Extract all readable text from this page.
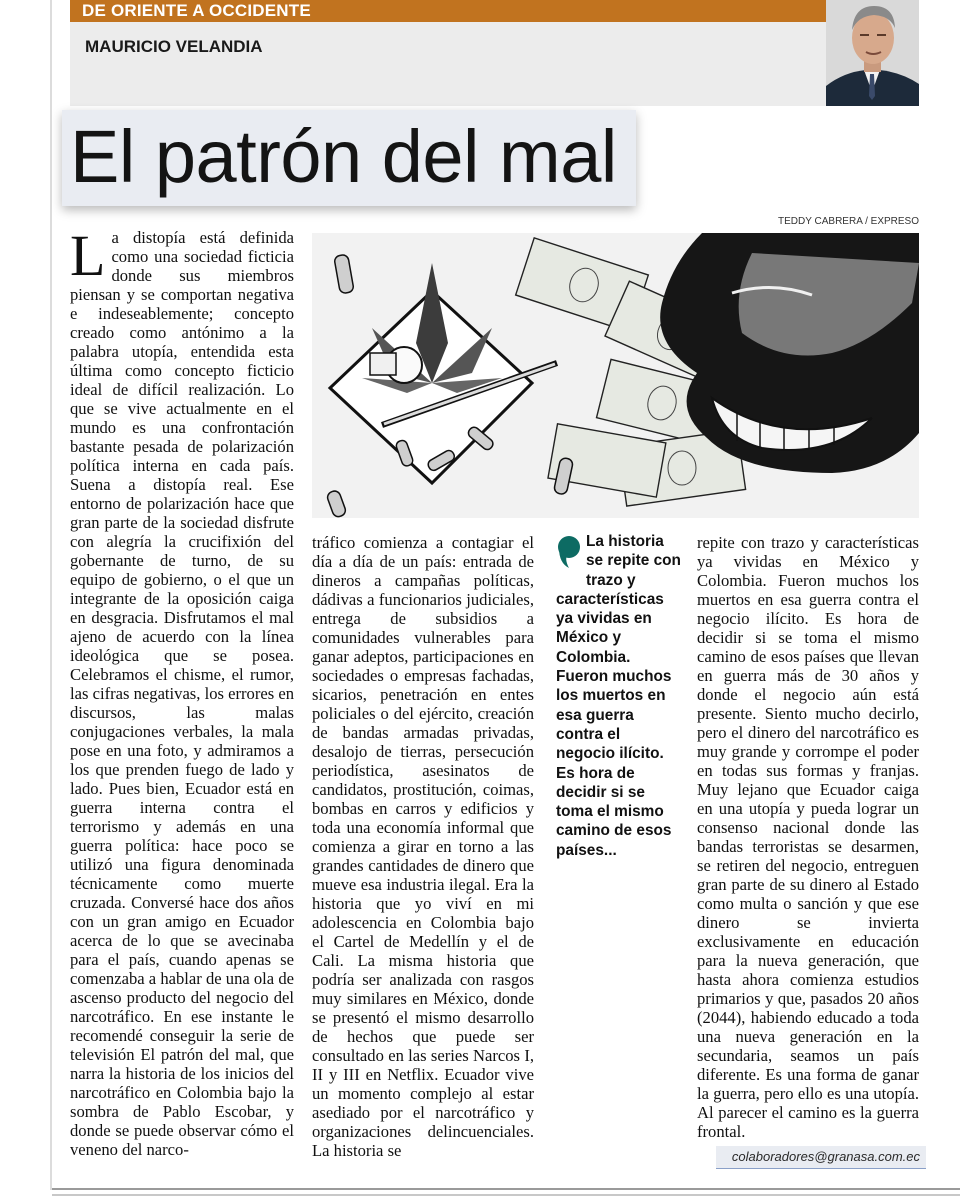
DE ORIENTE A OCCIDENTE
MAURICIO VELANDIA
El patrón del mal
TEDDY CABRERA / EXPRESO
L a distopía está definida como una sociedad ficticia donde sus miembros piensan y se comportan negativa e indeseablemente; concepto creado como antónimo a la palabra utopía, entendida esta última como concepto ficticio ideal de difícil realización. Lo que se vive actualmente en el mundo es una confrontación bastante pesada de polarización política interna en cada país. Suena a distopía real. Ese entorno de polarización hace que gran parte de la sociedad disfrute con alegría la crucifixión del gobernante de turno, de su equipo de gobierno, o el que un integrante de la oposición caiga en desgracia. Disfrutamos el mal ajeno de acuerdo con la línea ideológica que se posea. Celebramos el chisme, el rumor, las cifras negativas, los errores en discursos, las malas conjugaciones verbales, la mala pose en una foto, y admiramos a los que prenden fuego de lado y lado. Pues bien, Ecuador está en guerra interna contra el terrorismo y además en una guerra política: hace poco se utilizó una figura denominada técnicamente como muerte cruzada. Conversé hace dos años con un gran amigo en Ecuador acerca de lo que se avecinaba para el país, cuando apenas se comenzaba a hablar de una ola de ascenso producto del negocio del narcotráfico. En ese instante le recomendé conseguir la serie de televisión El patrón del mal, que narra la historia de los inicios del narcotráfico en Colombia bajo la sombra de Pablo Escobar, y donde se puede observar cómo el veneno del narco-
tráfico comienza a contagiar el día a día de un país: entrada de dineros a campañas políticas, dádivas a funcionarios judiciales, entrega de subsidios a comunidades vulnerables para ganar adeptos, participaciones en sociedades o empresas fachadas, sicarios, penetración en entes policiales o del ejército, creación de bandas armadas privadas, desalojo de tierras, persecución periodística, asesinatos de candidatos, prostitución, coimas, bombas en carros y edificios y toda una economía informal que comienza a girar en torno a las grandes cantidades de dinero que mueve esa industria ilegal. Era la historia que yo viví en mi adolescencia en Colombia bajo el Cartel de Medellín y el de Cali. La misma historia que podría ser analizada con rasgos muy similares en México, donde se presentó el mismo desarrollo de hechos que puede ser consultado en las series Narcos I, II y III en Netflix. Ecuador vive un momento complejo al estar asediado por el narcotráfico y organizaciones delincuenciales. La historia se
La historia se repite con trazo y características ya vividas en México y Colombia. Fueron muchos los muertos en esa guerra contra el negocio ilícito. Es hora de decidir si se toma el mismo camino de esos países...
repite con trazo y características ya vividas en México y Colombia. Fueron muchos los muertos en esa guerra contra el negocio ilícito. Es hora de decidir si se toma el mismo camino de esos países que llevan en guerra más de 30 años y donde el negocio aún está presente. Siento mucho decirlo, pero el dinero del narcotráfico es muy grande y corrompe el poder en todas sus formas y franjas. Muy lejano que Ecuador caiga en una utopía y pueda lograr un consenso nacional donde las bandas terroristas se desarmen, se retiren del negocio, entreguen gran parte de su dinero al Estado como multa o sanción y que ese dinero se invierta exclusivamente en educación para la nueva generación, que hasta ahora comienza estudios primarios y que, pasados 20 años (2044), habiendo educado a toda una nueva generación en la secundaria, seamos un país diferente. Es una forma de ganar la guerra, pero ello es una utopía. Al parecer el camino es la guerra frontal.
colaboradores@granasa.com.ec
